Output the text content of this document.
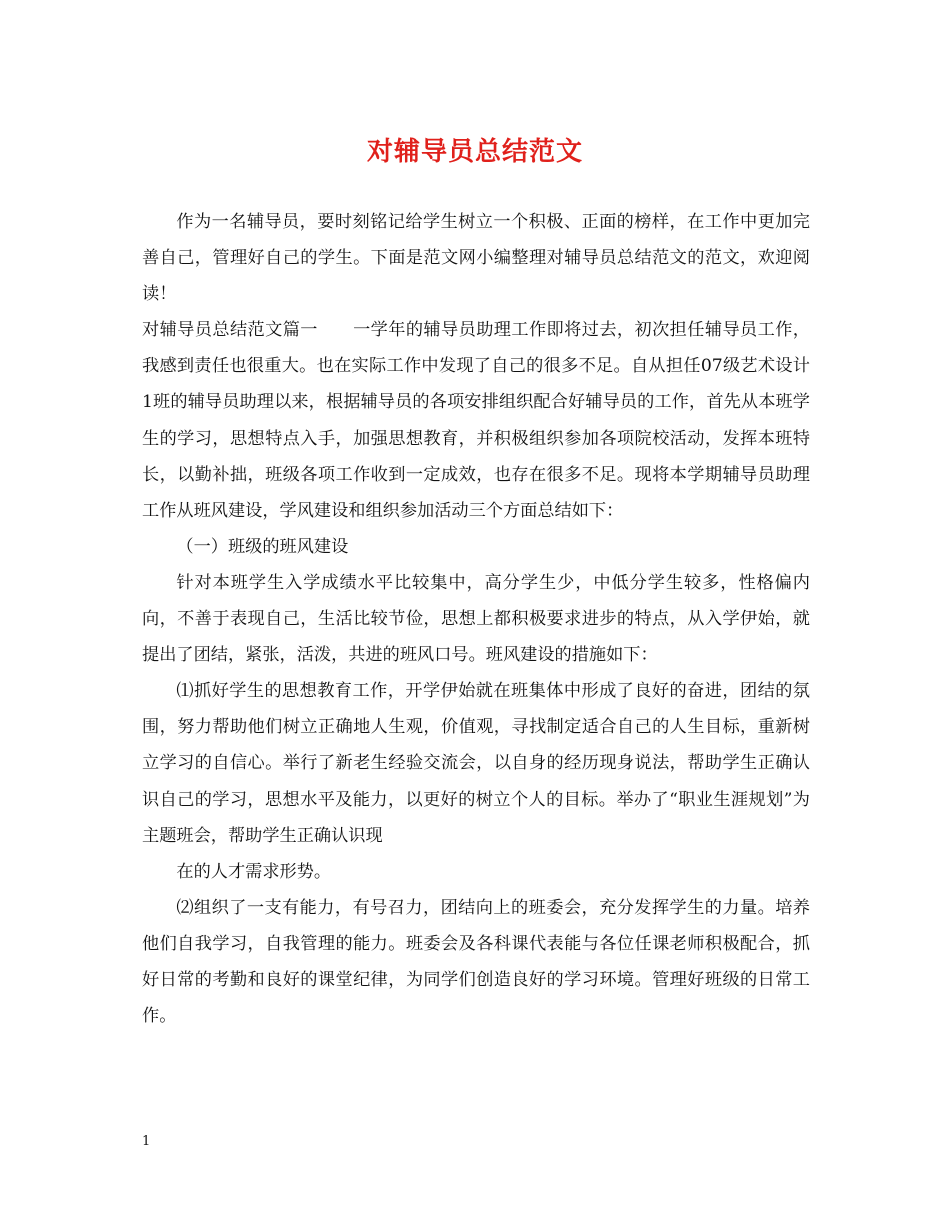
对辅导员总结范文

作为一名辅导员，要时刻铭记给学生树立一个积极、正面的榜样，在工作中更加完善自己，管理好自己的学生。下面是范文网小编整理对辅导员总结范文的范文，欢迎阅读！

对辅导员总结范文篇一　　一学年的辅导员助理工作即将过去，初次担任辅导员工作，我感到责任也很重大。也在实际工作中发现了自己的很多不足。自从担任07级艺术设计1班的辅导员助理以来，根据辅导员的各项安排组织配合好辅导员的工作，首先从本班学生的学习，思想特点入手，加强思想教育，并积极组织参加各项院校活动，发挥本班特长，以勤补拙，班级各项工作收到一定成效，也存在很多不足。现将本学期辅导员助理工作从班风建设，学风建设和组织参加活动三个方面总结如下：

（一）班级的班风建设

针对本班学生入学成绩水平比较集中，高分学生少，中低分学生较多，性格偏内向，不善于表现自己，生活比较节俭，思想上都积极要求进步的特点，从入学伊始，就提出了团结，紧张，活泼，共进的班风口号。班风建设的措施如下：

⑴抓好学生的思想教育工作，开学伊始就在班集体中形成了良好的奋进，团结的氛围，努力帮助他们树立正确地人生观，价值观，寻找制定适合自己的人生目标，重新树立学习的自信心。举行了新老生经验交流会，以自身的经历现身说法，帮助学生正确认识自己的学习，思想水平及能力，以更好的树立个人的目标。举办了“职业生涯规划”为主题班会，帮助学生正确认识现

在的人才需求形势。

⑵组织了一支有能力，有号召力，团结向上的班委会，充分发挥学生的力量。培养他们自我学习，自我管理的能力。班委会及各科课代表能与各位任课老师积极配合，抓好日常的考勤和良好的课堂纪律，为同学们创造良好的学习环境。管理好班级的日常工作。

1
